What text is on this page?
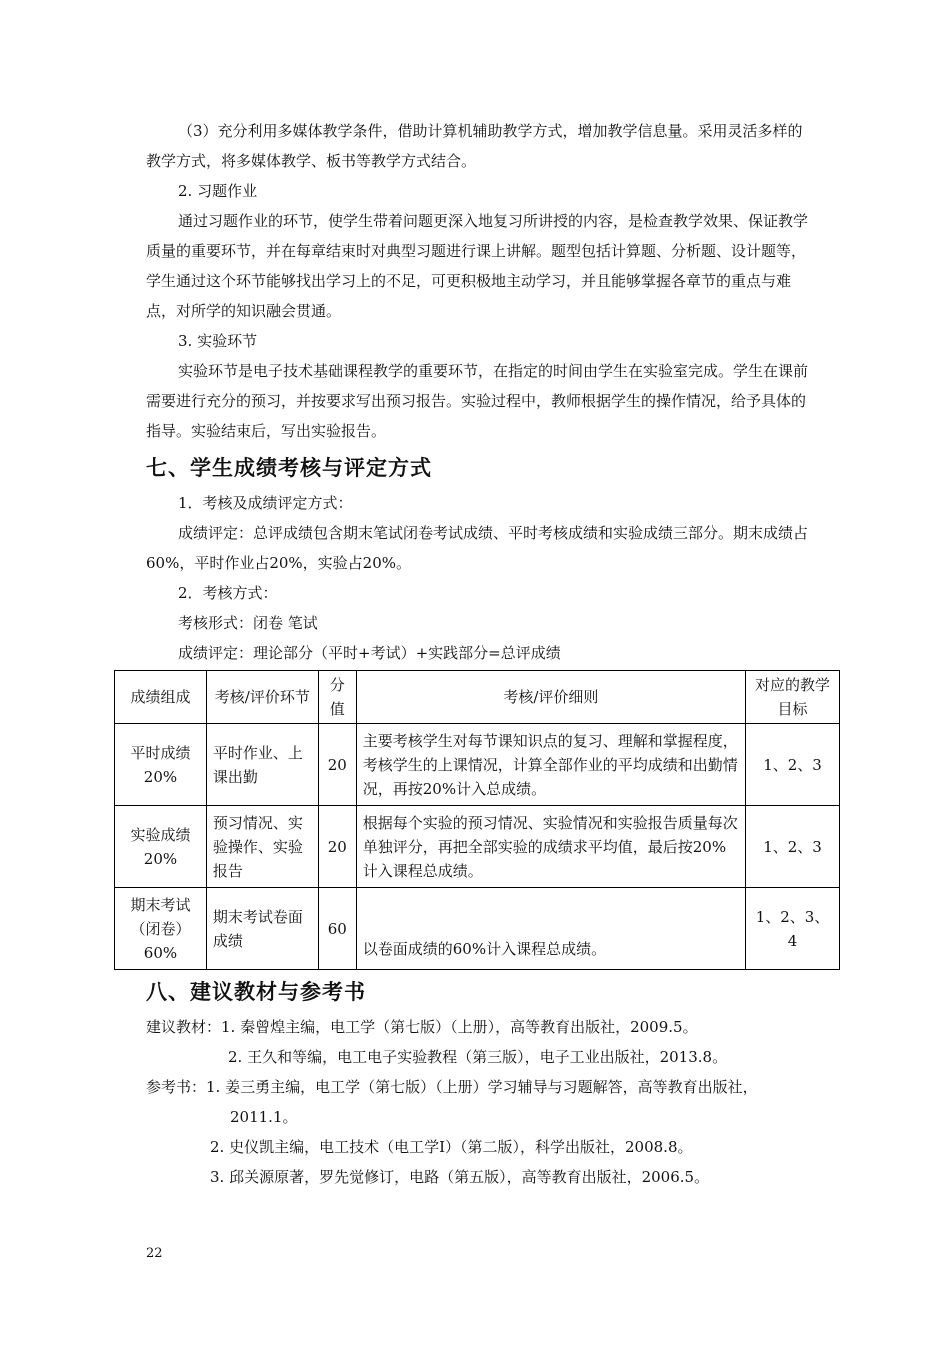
（3）充分利用多媒体教学条件，借助计算机辅助教学方式，增加教学信息量。采用灵活多样的教学方式，将多媒体教学、板书等教学方式结合。

2. 习题作业

通过习题作业的环节，使学生带着问题更深入地复习所讲授的内容，是检查教学效果、保证教学质量的重要环节，并在每章结束时对典型习题进行课上讲解。题型包括计算题、分析题、设计题等，学生通过这个环节能够找出学习上的不足，可更积极地主动学习，并且能够掌握各章节的重点与难点，对所学的知识融会贯通。

3. 实验环节

实验环节是电子技术基础课程教学的重要环节，在指定的时间由学生在实验室完成。学生在课前需要进行充分的预习，并按要求写出预习报告。实验过程中，教师根据学生的操作情况，给予具体的指导。实验结束后，写出实验报告。

七、学生成绩考核与评定方式

1．考核及成绩评定方式：

成绩评定：总评成绩包含期末笔试闭卷考试成绩、平时考核成绩和实验成绩三部分。期末成绩占60%，平时作业占20%，实验占20%。

2．考核方式：

考核形式：闭卷 笔试

成绩评定：理论部分（平时+考试）+实践部分=总评成绩

成绩组成	考核/评价环节	分值	考核/评价细则	对应的教学目标
平时成绩20%	平时作业、上课出勤	20	主要考核学生对每节课知识点的复习、理解和掌握程度，考核学生的上课情况，计算全部作业的平均成绩和出勤情况，再按20%计入总成绩。	1、2、3
实验成绩20%	预习情况、实验操作、实验报告	20	根据每个实验的预习情况、实验情况和实验报告质量每次单独评分，再把全部实验的成绩求平均值，最后按20%计入课程总成绩。	1、2、3
期末考试（闭卷）60%	期末考试卷面成绩	60	以卷面成绩的60%计入课程总成绩。	1、2、3、4
八、建议教材与参考书
建议教材：1. 秦曾煌主编，电工学（第七版）（上册），高等教育出版社，2009.5。
2. 王久和等编，电工电子实验教程（第三版），电子工业出版社，2013.8。
参考书：1. 姜三勇主编，电工学（第七版）（上册）学习辅导与习题解答，高等教育出版社，
2011.1。
2. 史仪凯主编，电工技术（电工学Ⅰ）（第二版），科学出版社，2008.8。
3. 邱关源原著，罗先觉修订，电路（第五版），高等教育出版社，2006.5。
22
